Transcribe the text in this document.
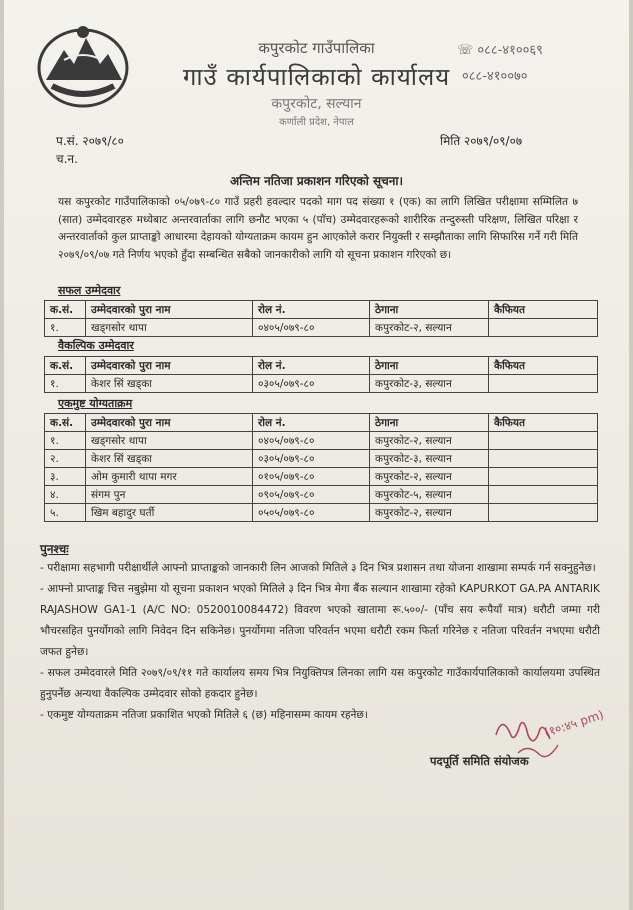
कपुरकोट गाउँपालिका
गाउँ कार्यपालिकाको कार्यालय
कपुरकोट, सल्यान
कर्णाली प्रदेश, नेपाल
☏ ०८८-४१००६९
०८८-४१००७०
प.सं. २०७९/८०
च.न.
मिति २०७९/०९/०७
अन्तिम नतिजा प्रकाशन गरिएको सूचना।
यस कपुरकोट गाउँपालिकाको ०५/०७९-८० गाउँ प्रहरी हवल्दार पदको माग पद संख्या १ (एक) का लागि लिखित परीक्षामा सम्मिलित ७ (सात) उम्मेदवारहरु मध्येबाट अन्तरवार्ताका लागि छनौट भएका ५ (पाँच) उम्मेदवारहरूको शारीरिक तन्दुरुस्ती परिक्षण, लिखित परिक्षा र अन्तरवार्ताको कुल प्राप्ताङ्को आधारमा देहायको योग्यताक्रम कायम हुन आएकोले करार नियुक्ती र सम्झौताका लागि सिफारिस गर्ने गरी मिति २०७९/०९/०७ गते निर्णय भएको हुँदा सम्बन्धित सबैको जानकारीको लागि यो सूचना प्रकाशन गरिएको छ।
सफल उम्मेदवार
क.सं.	उम्मेदवारको पुरा नाम	रोल नं.	ठेगाना	कैफियत
१.	खड्गसोर थापा	०४०५/०७९-८०	कपुरकोट-२, सल्यान	
वैकल्पिक उम्मेदवार
क.सं.	उम्मेदवारको पुरा नाम	रोल नं.	ठेगाना	कैफियत
१.	केशर सिं खड्का	०३०५/०७९-८०	कपुरकोट-३, सल्यान	
एकमुष्ट योग्यताक्रम
क.सं.	उम्मेदवारको पुरा नाम	रोल नं.	ठेगाना	कैफियत
१.	खड्गसोर थापा	०४०५/०७९-८०	कपुरकोट-२, सल्यान	
२.	केशर सिं खड्का	०३०५/०७९-८०	कपुरकोट-३, सल्यान	
३.	ओम कुमारी थापा मगर	०१०५/०७९-८०	कपुरकोट-२, सल्यान	
४.	संगम पुन	०९०५/०७९-८०	कपुरकोट-५, सल्यान	
५.	खिम बहादुर घर्ती	०५०५/०७९-८०	कपुरकोट-२, सल्यान	
पुनश्चः

- परीक्षामा सहभागी परीक्षार्थीले आफ्नो प्राप्ताङ्कको जानकारी लिन आजको मितिले ३ दिन भित्र प्रशासन तथा योजना शाखामा सम्पर्क गर्न सक्नुहुनेछ।

- आफ्नो प्राप्ताङ्क चित्त नबुझेमा यो सूचना प्रकाशन भएको मितिले ३ दिन भित्र मेगा बैंक सल्यान शाखामा रहेको KAPURKOT GA.PA ANTARIK RAJASHOW GA1-1 (A/C NO: 0520010084472) विवरण भएको खातामा रू.५००/- (पाँच सय रूपैयाँ मात्र) धरौटी जम्मा गरी भौचरसहित पुनर्योगको लागि निवेदन दिन सकिनेछ। पुनर्योगमा नतिजा परिवर्तन भएमा धरौटी रकम फिर्ता गरिनेछ र नतिजा परिवर्तन नभएमा धरौटी जफत हुनेछ।

- सफल उम्मेदवारले मिति २०७९/०९/११ गते कार्यालय समय भित्र नियुक्तिपत्र लिनका लागि यस कपुरकोट गाउँकार्यपालिकाको कार्यालयमा उपस्थित हुनुपर्नेछ अन्यथा वैकल्पिक उम्मेदवार सोको हकदार हुनेछ।

- एकमुष्ट योग्यताक्रम नतिजा प्रकाशित भएको मितिले ६ (छ) महिनासम्म कायम रहनेछ।	(१०:४५ pm)
पदपूर्ति समिति संयोजक
